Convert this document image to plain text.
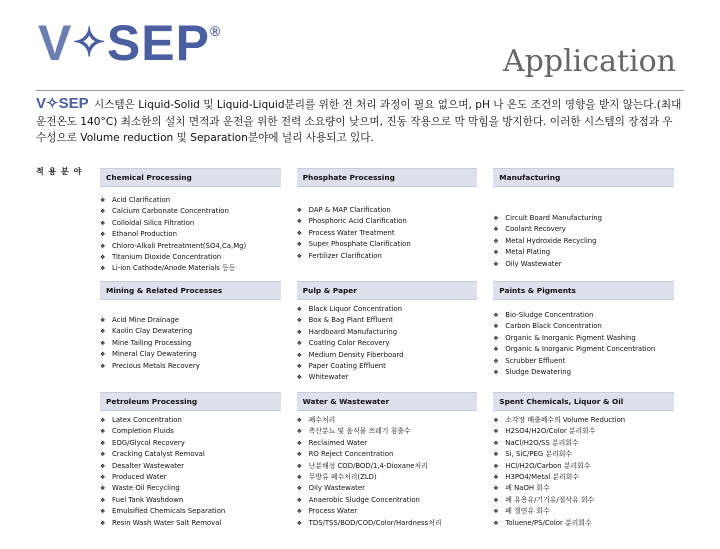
V✧SEP®
Application
V✧SEP 시스템은 Liquid-Solid 및 Liquid-Liquid분리를 위한 전 처리 과정이 필요 없으며, pH 나 온도 조건의 영향을 받지 않는다.(최대 운전온도 140°C) 최소한의 설치 면적과 운전을 위한 전력 소요량이 낮으며, 진동 작용으로 막 막힘을 방지한다. 이러한 시스템의 장점과 우수성으로 Volume reduction 및 Separation분야에 널리 사용되고 있다.
적 용 분 야
Chemical Processing
❖ Acid Clarification
❖ Calcium Carbonate Concentration
❖ Colloidal Silica Filtration
❖ Ethanol Production
❖ Chloro-Alkali Pretreatment(SO4,Ca,Mg)
❖ Titanium Dioxide Concentration
❖ Li-ion Cathode/Anode Materials 등등
Phosphate Processing
❖ DAP & MAP Clarification
❖ Phosphoric Acid Clarification
❖ Process Water Treatment
❖ Super Phosphate Clarification
❖ Fertilizer Clarification
Manufacturing
❖ Circuit Board Manufacturing
❖ Coolant Recovery
❖ Metal Hydroxide Recycling
❖ Metal Plating
❖ Oily Wastewater
Mining & Related Processes
❖ Acid Mine Drainage
❖ Kaolin Clay Dewatering
❖ Mine Tailing Processing
❖ Mineral Clay Dewatering
❖ Precious Metals Recovery
Pulp & Paper
❖ Black Liquor Concentration
❖ Box & Bag Plant Effluent
❖ Hardboard Manufacturing
❖ Coating Color Recovery
❖ Medium Density Fiberboard
❖ Paper Coating Effluent
❖ Whitewater
Paints & Pigments
❖ Bio-Sludge Concentration
❖ Carbon Black Concentration
❖ Organic & Inorganic Pigment Washing
❖ Organic & Inorganic Pigment Concentration
❖ Scrubber Effluent
❖ Sludge Dewatering
Petroleum Processing
❖ Latex Concentration
❖ Completion Fluids
❖ EOG/Glycol Recovery
❖ Cracking Catalyst Removal
❖ Desalter Wastewater
❖ Produced Water
❖ Waste Oil Recycling
❖ Fuel Tank Washdown
❖ Emulsified Chemicals Separation
❖ Resin Wash Water Salt Removal
Water & Wastewater
❖ 폐수처리
❖ 축산분뇨 및 음식물 쓰레기 침출수
❖ Reclaimed Water
❖ RO Reject Concentration
❖ 난분해성 COD/BOD/1,4-Dioxane처리
❖ 무방류 폐수처리(ZLD)
❖ Oily Wastewater
❖ Anaerobic Sludge Concentration
❖ Process Water
❖ TDS/TSS/BOD/COD/Color/Hardness처리
Spent Chemicals, Liquor & Oil
❖ 소각장 배출폐수의 Volume Reduction
❖ H2SO4/H2O/Color 분리회수
❖ NaCl/H2O/SS 분리회수
❖ Si, SiC/PEG 분리회수
❖ HCl/H2O/Carbon 분리회수
❖ H3PO4/Metal 분리회수
❖ 폐 NaOH 회수
❖ 폐 유용유/기기유/절삭유 회수
❖ 폐 절연유 회수
❖ Toluene/PS/Color 분리회수
